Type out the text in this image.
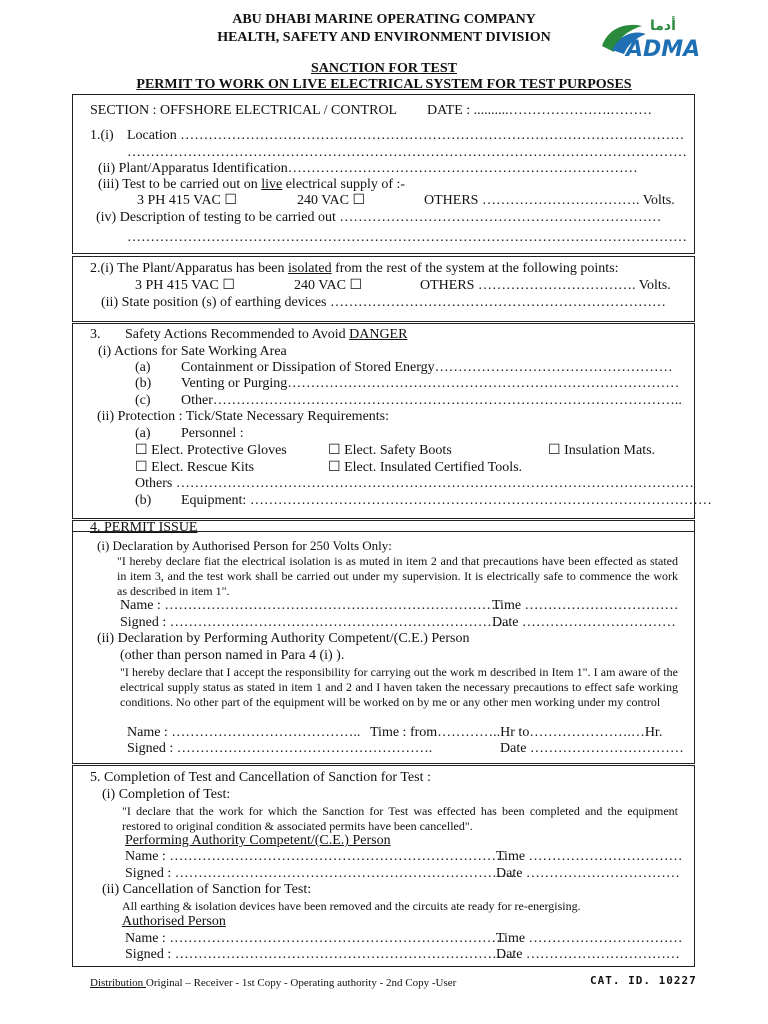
ABU DHABI MARINE OPERATING COMPANY
HEALTH, SAFETY AND ENVIRONMENT DIVISION
SANCTION FOR TEST
PERMIT TO WORK ON LIVE ELECTRICAL SYSTEM FOR TEST PURPOSES
أدما
ADMA
SECTION : OFFSHORE ELECTRICAL / CONTROL DATE : ..........………………….………
1.(i) Location ………………………………………………………………………………………………
…………………………………………………………………………………………………………
(ii) Plant/Apparatus Identification…………………………………………………………………
(iii) Test to be carried out on live electrical supply of :-
3 PH 415 VAC ☐	240 VAC ☐	OTHERS ……………………………. Volts.
(iv) Description of testing to be carried out ……………………………………………………………
…………………………………………………………………………………………………………
2.(i) The Plant/Apparatus has been isolated from the rest of the system at the following points:
3 PH 415 VAC ☐	240 VAC ☐	OTHERS ……………………………. Volts.
(ii) State position (s) of earthing devices ………………………………………………………………
3. Safety Actions Recommended to Avoid DANGER
(i) Actions for Sate Working Area
(a) Containment or Dissipation of Stored Energy……………………………………………
(b) Venting or Purging…………………………………………………………………………
(c) Other………………………………………………………………………………………..
(ii) Protection : Tick/State Necessary Requirements:
(a) Personnel :
☐ Elect. Protective Gloves	☐ Elect. Safety Boots	☐ Insulation Mats.
☐ Elect. Rescue Kits	☐ Elect. Insulated Certified Tools.
Others …………………………………………………………………………………………………
(b) Equipment: ………………………………………………………………………………………
4. PERMIT ISSUE
(i) Declaration by Authorised Person for 250 Volts Only:
"I hereby declare fiat the electrical isolation is as muted in item 2 and that precautions have been effected as stated in item 3, and the test work shall be carried out under my supervision. It is electrically safe to commence the work as described in item 1".
Name : ………………………………………………………………
Time ……………………………
Signed : ……………………………………………………………….
Date ……………………………
(ii) Declaration by Performing Authority Competent/(C.E.) Person
(other than person named in Para 4 (i) ).
"I hereby declare that I accept the responsibility for carrying out the work m described in Item 1". I am aware of the electrical supply status as stated in item 1 and 2 and I haven taken the necessary precautions to effect safe working conditions. No other part of the equipment will be worked on by me or any other men working under my control
Name : ………………………………….. Time : from…………..Hr to………………….…Hr.
Signed : ……………………………………………….	Date ……………………………
5. Completion of Test and Cancellation of Sanction for Test :
(i) Completion of Test:
"I declare that the work for which the Sanction for Test was effected has been completed and the equipment restored to original condition & associated permits have been cancelled".
Performing Authority Competent/(C.E.) Person
Name : ………………………………………………………………
Time ……………………………
Signed : ……………………………………………………………….
Date ……………………………
(ii) Cancellation of Sanction for Test:
All earthing & isolation devices have been removed and the circuits ate ready for re-energising.
Authorised Person
Name : ………………………………………………………………
Time ……………………………
Signed : ……………………………………………………………….
Date ……………………………
Distribution Original – Receiver - 1st Copy - Operating authority - 2nd Copy -User	CAT. ID. 10227
